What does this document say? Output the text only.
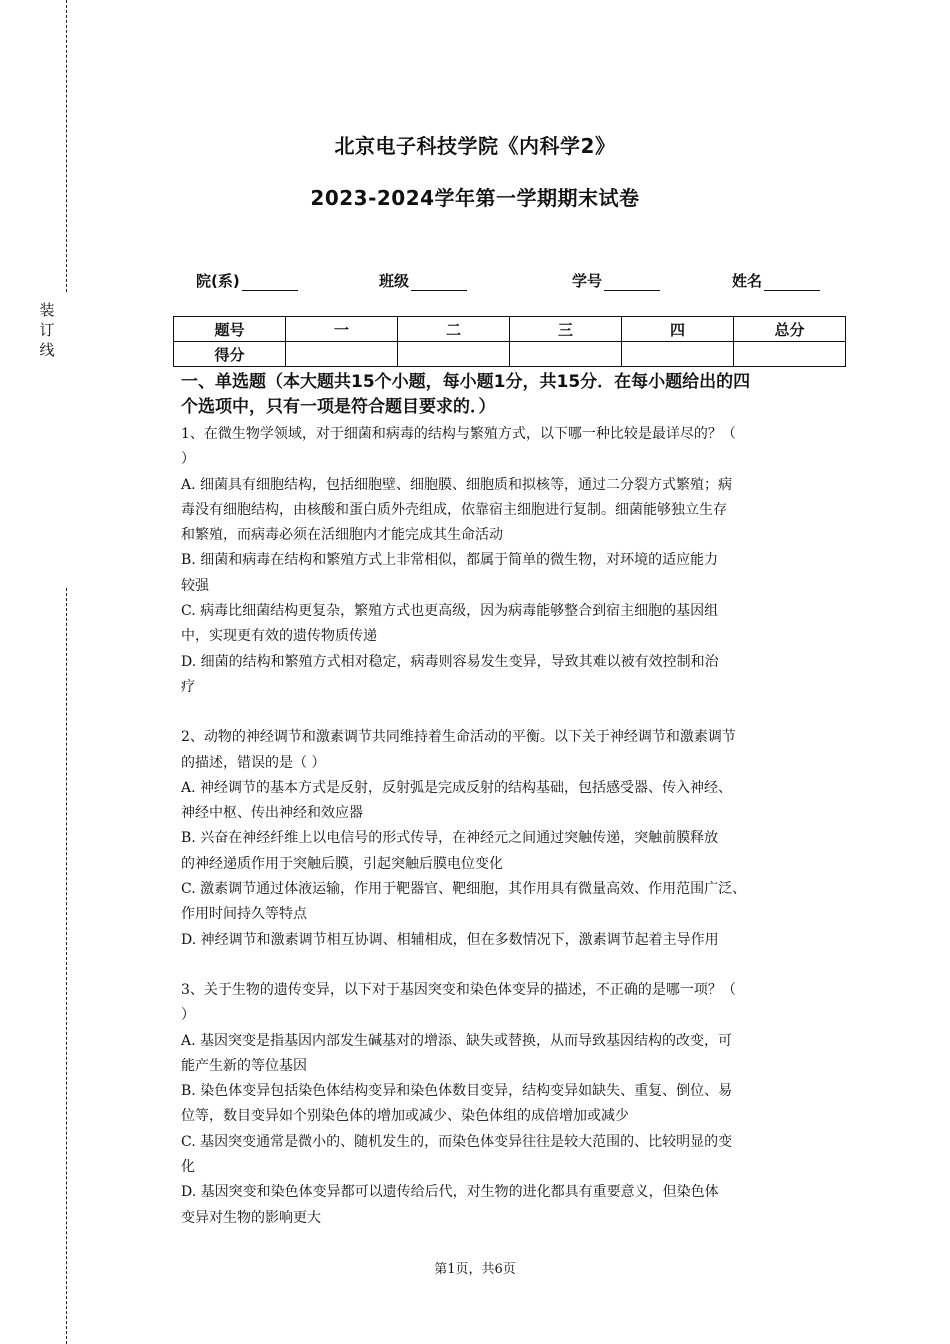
装
订
线
北京电子科技学院《内科学2》
2023-2024学年第一学期期末试卷
院(系)	班级	学号	姓名
题号	一	二	三	四	总分
得分					
一、单选题（本大题共15个小题，每小题1分，共15分．在每小题给出的四
个选项中，只有一项是符合题目要求的．）
1、在微生物学领域，对于细菌和病毒的结构与繁殖方式，以下哪一种比较是最详尽的？（
）
A. 细菌具有细胞结构，包括细胞壁、细胞膜、细胞质和拟核等，通过二分裂方式繁殖；病
毒没有细胞结构，由核酸和蛋白质外壳组成，依靠宿主细胞进行复制。细菌能够独立生存
和繁殖，而病毒必须在活细胞内才能完成其生命活动
B. 细菌和病毒在结构和繁殖方式上非常相似，都属于简单的微生物，对环境的适应能力
较强
C. 病毒比细菌结构更复杂，繁殖方式也更高级，因为病毒能够整合到宿主细胞的基因组
中，实现更有效的遗传物质传递
D. 细菌的结构和繁殖方式相对稳定，病毒则容易发生变异，导致其难以被有效控制和治
疗
2、动物的神经调节和激素调节共同维持着生命活动的平衡。以下关于神经调节和激素调节
的描述，错误的是（ ）
A. 神经调节的基本方式是反射，反射弧是完成反射的结构基础，包括感受器、传入神经、
神经中枢、传出神经和效应器
B. 兴奋在神经纤维上以电信号的形式传导，在神经元之间通过突触传递，突触前膜释放
的神经递质作用于突触后膜，引起突触后膜电位变化
C. 激素调节通过体液运输，作用于靶器官、靶细胞，其作用具有微量高效、作用范围广泛、
作用时间持久等特点
D. 神经调节和激素调节相互协调、相辅相成，但在多数情况下，激素调节起着主导作用
3、关于生物的遗传变异，以下对于基因突变和染色体变异的描述，不正确的是哪一项？（
）
A. 基因突变是指基因内部发生碱基对的增添、缺失或替换，从而导致基因结构的改变，可
能产生新的等位基因
B. 染色体变异包括染色体结构变异和染色体数目变异，结构变异如缺失、重复、倒位、易
位等，数目变异如个别染色体的增加或减少、染色体组的成倍增加或减少
C. 基因突变通常是微小的、随机发生的，而染色体变异往往是较大范围的、比较明显的变
化
D. 基因突变和染色体变异都可以遗传给后代，对生物的进化都具有重要意义，但染色体
变异对生物的影响更大
第1页，共6页
